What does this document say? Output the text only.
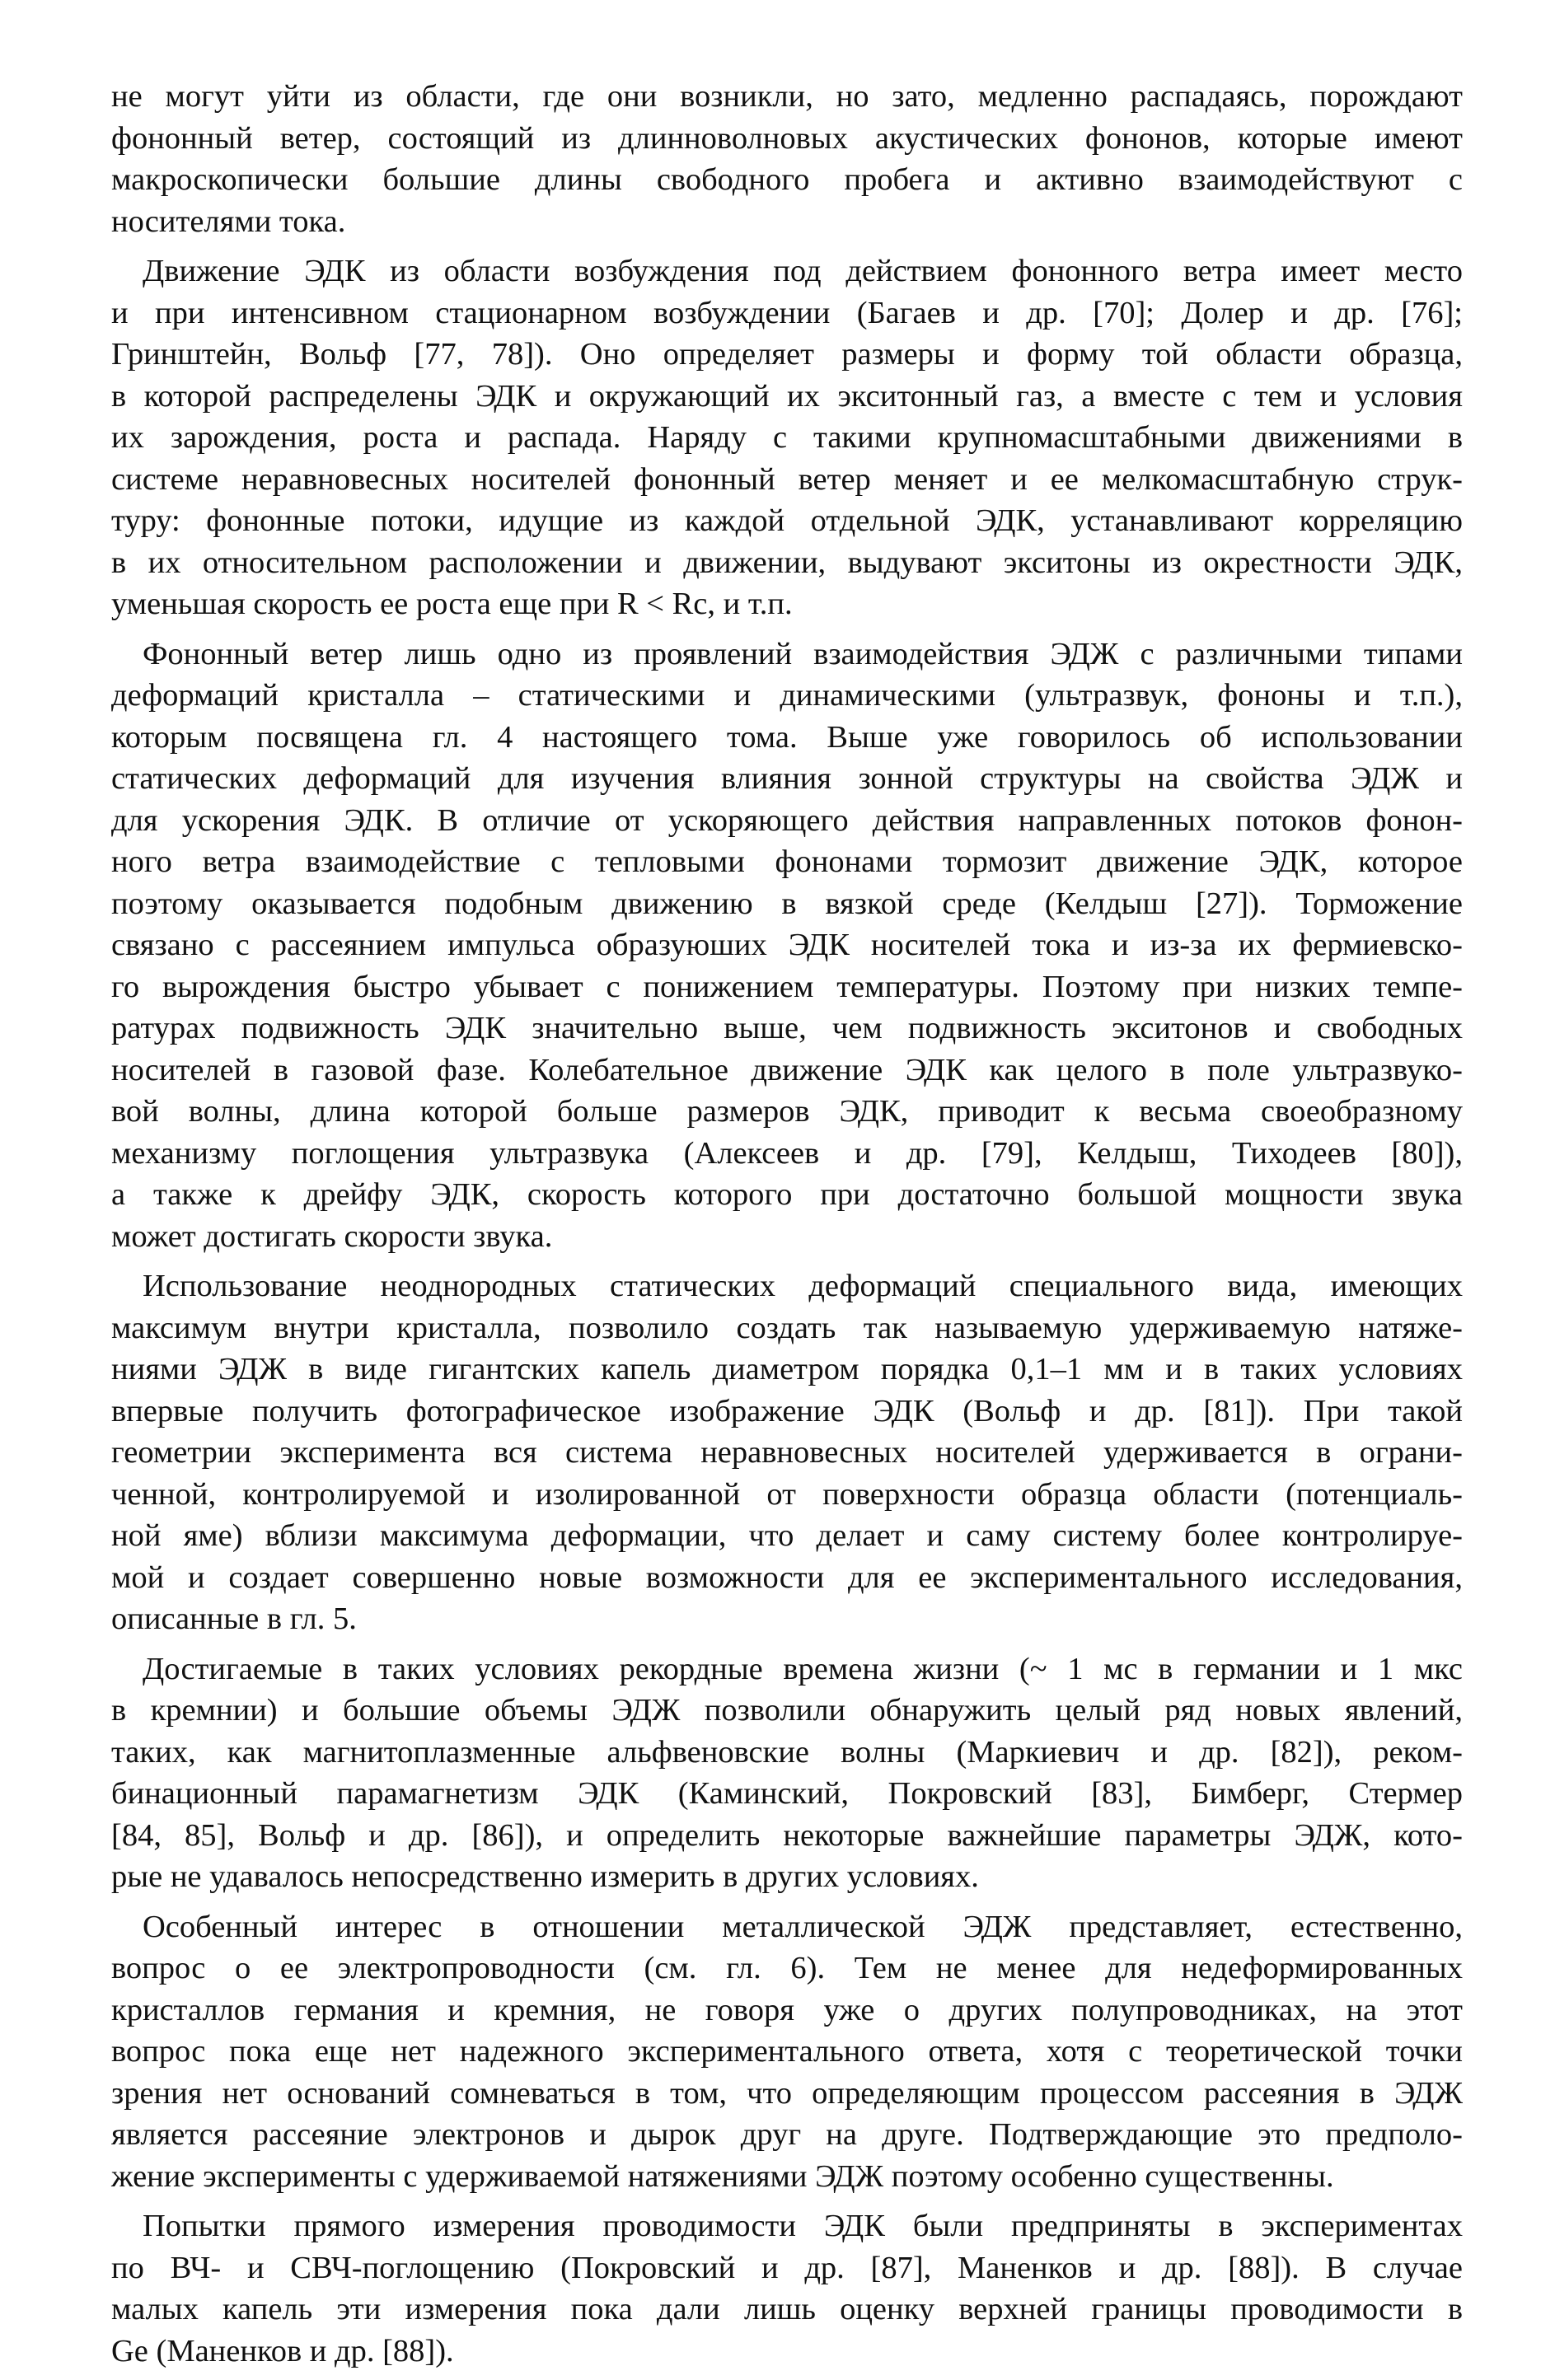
не могут уйти из области, где они возникли, но зато, медленно распадаясь, порождают
фононный ветер, состоящий из длинноволновых акустических фононов, которые имеют
макроскопически большие длины свободного пробега и активно взаимодействуют с
носителями тока.

Движение ЭДК из области возбуждения под действием фононного ветра имеет место
и при интенсивном стационарном возбуждении (Багаев и др. [70]; Долер и др. [76];
Гринштейн, Вольф [77, 78]). Оно определяет размеры и форму той области образца,
в которой распределены ЭДК и окружающий их экситонный газ, а вместе с тем и условия
их зарождения, роста и распада. Наряду с такими крупномасштабными движениями в
системе неравновесных носителей фононный ветер меняет и ее мелкомасштабную струк-
туру: фононные потоки, идущие из каждой отдельной ЭДК, устанавливают корреляцию
в их относительном расположении и движении, выдувают экситоны из окрестности ЭДК,
уменьшая скорость ее роста еще при R < Rc, и т.п.

Фононный ветер лишь одно из проявлений взаимодействия ЭДЖ с различными типами
деформаций кристалла – статическими и динамическими (ультразвук, фононы и т.п.),
которым посвящена гл. 4 настоящего тома. Выше уже говорилось об использовании
статических деформаций для изучения влияния зонной структуры на свойства ЭДЖ и
для ускорения ЭДК. В отличие от ускоряющего действия направленных потоков фонон-
ного ветра взаимодействие с тепловыми фононами тормозит движение ЭДК, которое
поэтому оказывается подобным движению в вязкой среде (Келдыш [27]). Торможение
связано с рассеянием импульса образуюших ЭДК носителей тока и из-за их фермиевско-
го вырождения быстро убывает с понижением температуры. Поэтому при низких темпе-
ратурах подвижность ЭДК значительно выше, чем подвижность экситонов и свободных
носителей в газовой фазе. Колебательное движение ЭДК как целого в поле ультразвуко-
вой волны, длина которой больше размеров ЭДК, приводит к весьма своеобразному
механизму поглощения ультразвука (Алексеев и др. [79], Келдыш, Тиходеев [80]),
а также к дрейфу ЭДК, скорость которого при достаточно большой мощности звука
может достигать скорости звука.

Использование неоднородных статических деформаций специального вида, имеющих
максимум внутри кристалла, позволило создать так называемую удерживаемую натяже-
ниями ЭДЖ в виде гигантских капель диаметром порядка 0,1–1 мм и в таких условиях
впервые получить фотографическое изображение ЭДК (Вольф и др. [81]). При такой
геометрии эксперимента вся система неравновесных носителей удерживается в ограни-
ченной, контролируемой и изолированной от поверхности образца области (потенциаль-
ной яме) вблизи максимума деформации, что делает и саму систему более контролируе-
мой и создает совершенно новые возможности для ее экспериментального исследования,
описанные в гл. 5.

Достигаемые в таких условиях рекордные времена жизни (~ 1 мс в германии и 1 мкс
в кремнии) и большие объемы ЭДЖ позволили обнаружить целый ряд новых явлений,
таких, как магнитоплазменные альфвеновские волны (Маркиевич и др. [82]), реком-
бинационный парамагнетизм ЭДК (Каминский, Покровский [83], Бимберг, Стермер
[84, 85], Вольф и др. [86]), и определить некоторые важнейшие параметры ЭДЖ, кото-
рые не удавалось непосредственно измерить в других условиях.

Особенный интерес в отношении металлической ЭДЖ представляет, естественно,
вопрос о ее электропроводности (см. гл. 6). Тем не менее для недеформированных
кристаллов германия и кремния, не говоря уже о других полупроводниках, на этот
вопрос пока еще нет надежного экспериментального ответа, хотя с теоретической точки
зрения нет оснований сомневаться в том, что определяющим процессом рассеяния в ЭДЖ
является рассеяние электронов и дырок друг на друге. Подтверждающие это предполо-
жение эксперименты с удерживаемой натяжениями ЭДЖ поэтому особенно существенны.

Попытки прямого измерения проводимости ЭДК были предприняты в экспериментах
по ВЧ- и СВЧ-поглощению (Покровский и др. [87], Маненков и др. [88]). В случае
малых капель эти измерения пока дали лишь оценку верхней границы проводимости в
Ge (Маненков и др. [88]).
